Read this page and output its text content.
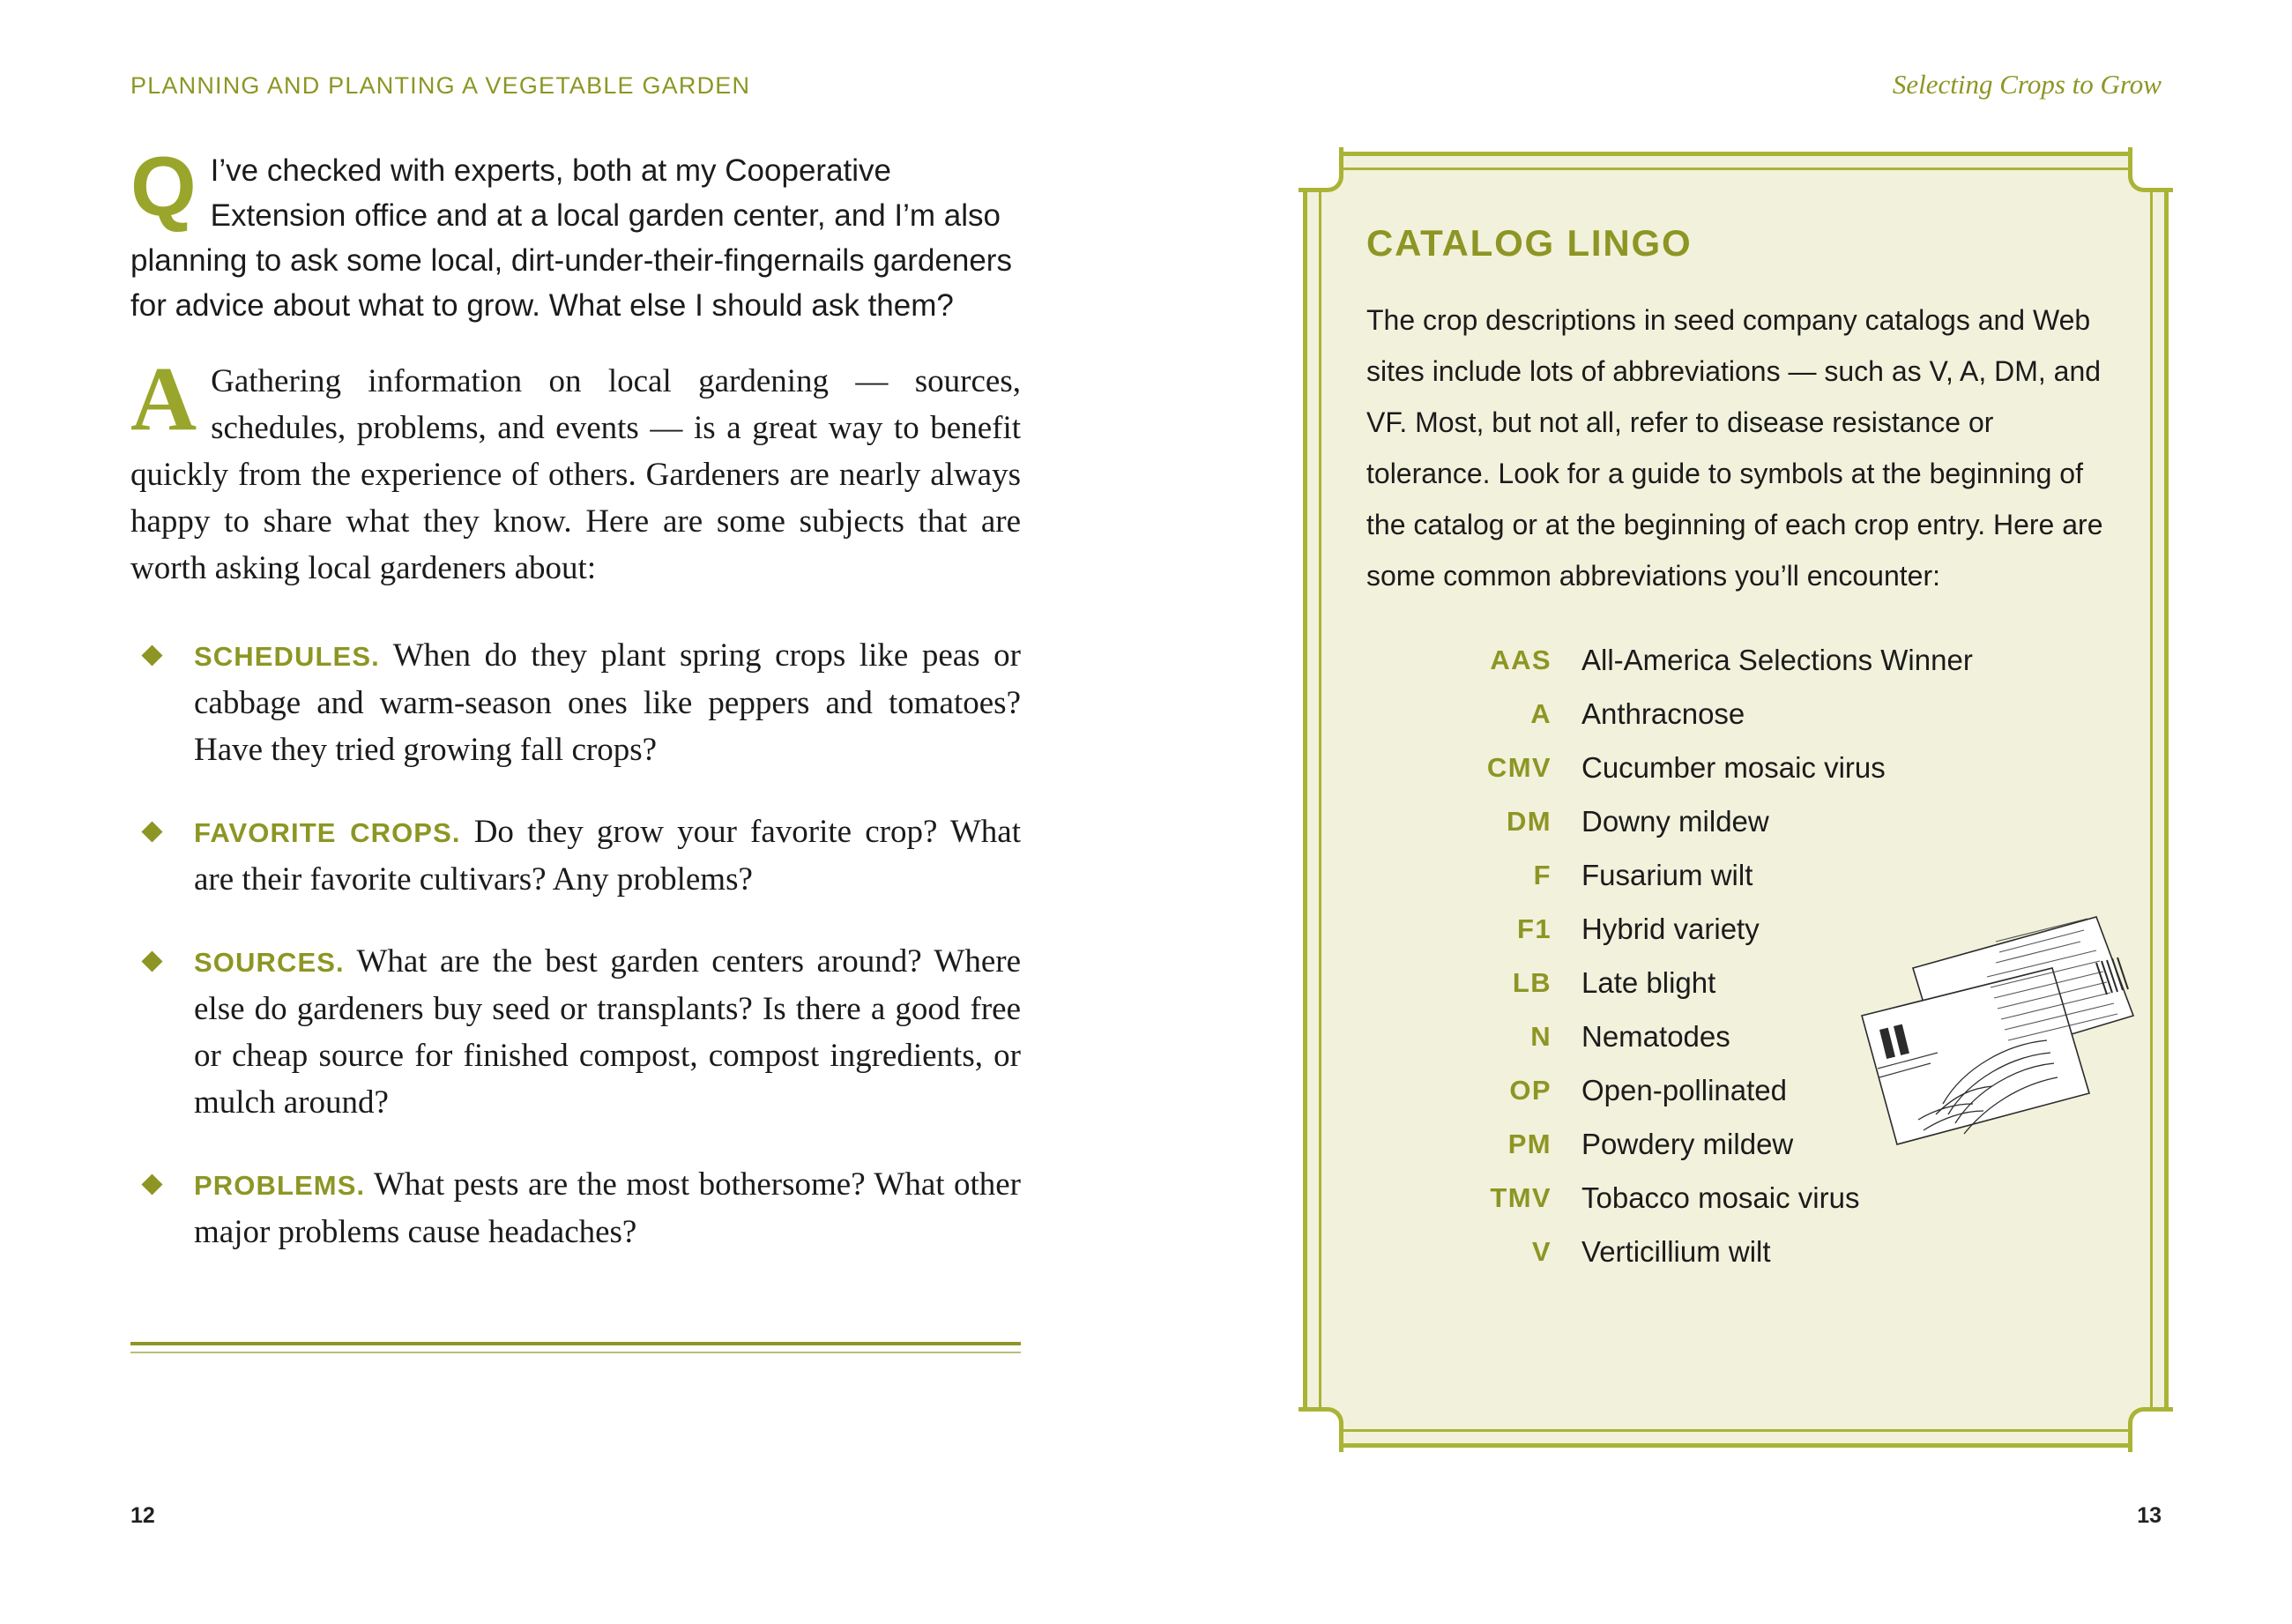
PLANNING AND PLANTING A VEGETABLE GARDEN
Q I’ve checked with experts, both at my Cooperative Extension office and at a local garden center, and I’m also planning to ask some local, dirt-under-their-fingernails gardeners for advice about what to grow. What else I should ask them?
A Gathering information on local gardening — sources, schedules, problems, and events — is a great way to benefit quickly from the experience of others. Gardeners are nearly always happy to share what they know. Here are some subjects that are worth asking local gardeners about:
SCHEDULES. When do they plant spring crops like peas or cabbage and warm-season ones like peppers and tomatoes? Have they tried growing fall crops?
FAVORITE CROPS. Do they grow your favorite crop? What are their favorite cultivars? Any problems?
SOURCES. What are the best garden centers around? Where else do gardeners buy seed or transplants? Is there a good free or cheap source for finished compost, compost ingredients, or mulch around?
PROBLEMS. What pests are the most bothersome? What other major problems cause headaches?
12
Selecting Crops to Grow
CATALOG LINGO
The crop descriptions in seed company catalogs and Web sites include lots of abbreviations — such as V, A, DM, and VF. Most, but not all, refer to disease resistance or tolerance. Look for a guide to symbols at the beginning of the catalog or at the beginning of each crop entry. Here are some common abbreviations you’ll encounter:
AAS	All-America Selections Winner
A	Anthracnose
CMV	Cucumber mosaic virus
DM	Downy mildew
F	Fusarium wilt
F1	Hybrid variety
LB	Late blight
N	Nematodes
OP	Open-pollinated
PM	Powdery mildew
TMV	Tobacco mosaic virus
V	Verticillium wilt
13
